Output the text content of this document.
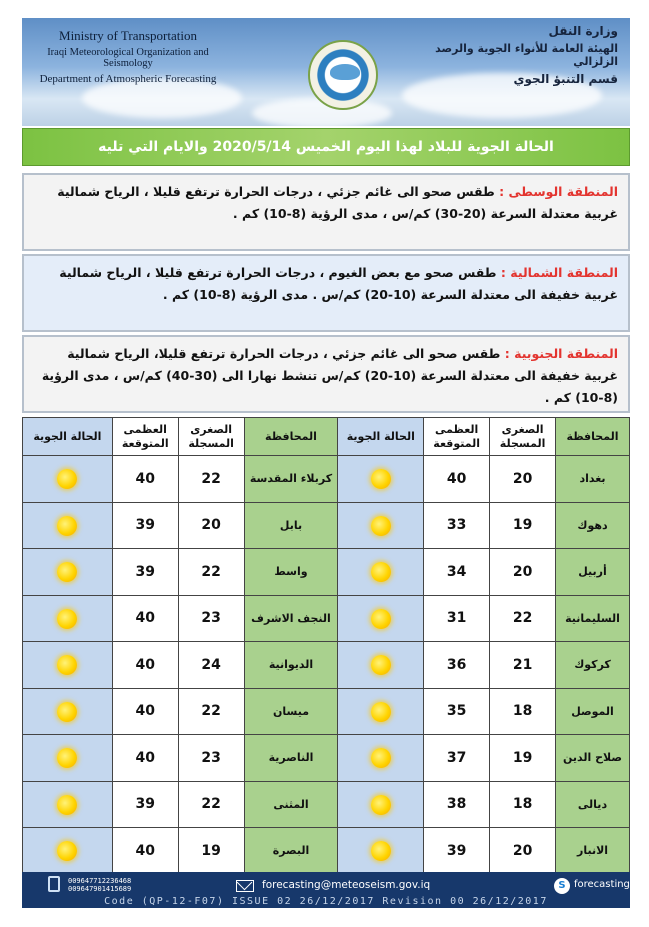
Ministry of Transportation
Iraqi Meteorological Organization and Seismology
Department of Atmospheric Forecasting
وزارة النقل
الهيئة العامة للأنواء الجوية والرصد الزلزالي
قسم التنبؤ الجوي
الحالة الجوية للبلاد لهذا اليوم الخميس 2020/5/14 والايام التي تليه

المنطقة الوسطى : طقس صحو الى غائم جزئي ، درجات الحرارة ترتفع قليلا ، الرياح شمالية غربية معتدلة السرعة (20-30) كم/س ، مدى الرؤية (8-10) كم .

المنطقة الشمالية : طقس صحو مع بعض الغيوم ، درجات الحرارة ترتفع قليلا ، الرياح شمالية غربية خفيفة الى معتدلة السرعة (10-20) كم/س . مدى الرؤية (8-10) كم .

المنطقة الجنوبية : طقس صحو الى غائم جزئي ، درجات الحرارة ترتفع قليلا، الرياح شمالية غربية خفيفة الى معتدلة السرعة (10-20) كم/س تنشط نهارا الى (30-40) كم/س ، مدى الرؤية (8-10) كم .

الحالة الجوية	العظمى المتوقعة	الصغرى المسجلة	المحافظة	الحالة الجوية	العظمى المتوقعة	الصغرى المسجلة	المحافظة
	40	22	كربلاء المقدسة		40	20	بغداد
	39	20	بابل		33	19	دهوك
	39	22	واسط		34	20	أربيل
	40	23	النجف الاشرف		31	22	السليمانية
	40	24	الديوانية		36	21	كركوك
	40	22	ميسان		35	18	الموصل
	40	23	الناصرية		37	19	صلاح الدين
	39	22	المثنى		38	18	ديالى
	40	19	البصرة		39	20	الانبار
009647712236468
009647901415689	forecasting@meteoseism.gov.iq	S forecasting
Code (QP-12-F07) ISSUE 02 26/12/2017 Revision 00 26/12/2017
